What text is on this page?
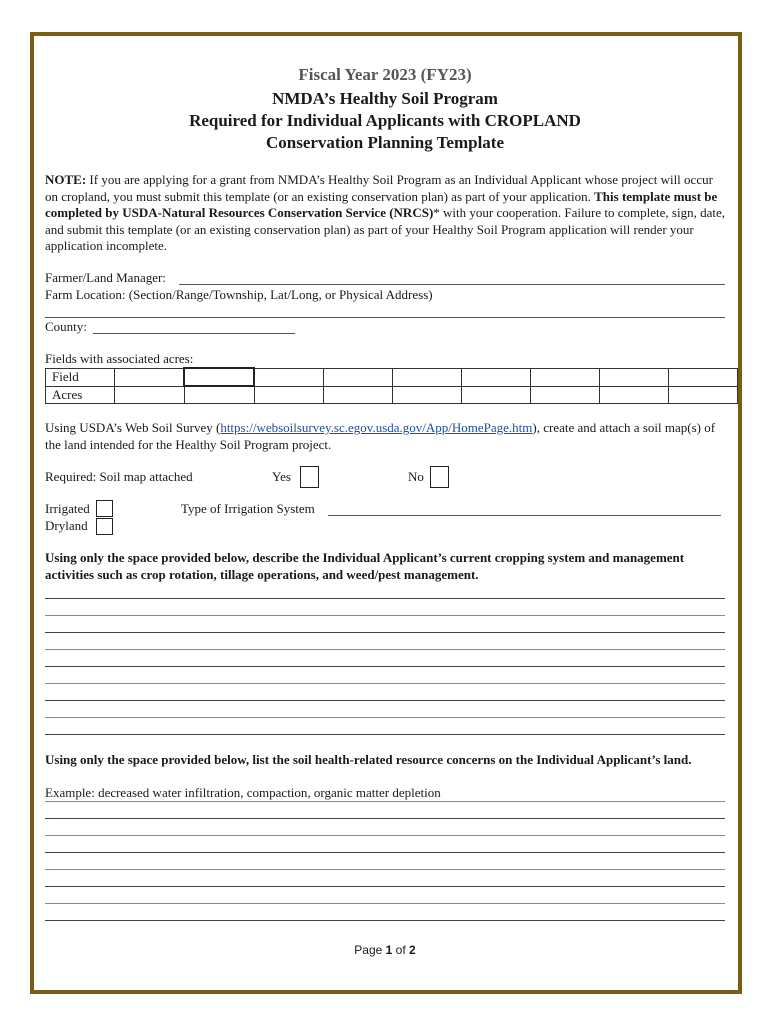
Fiscal Year 2023 (FY23)
NMDA’s Healthy Soil Program
Required for Individual Applicants with CROPLAND
Conservation Planning Template
NOTE: If you are applying for a grant from NMDA’s Healthy Soil Program as an Individual Applicant whose project will occur on cropland, you must submit this template (or an existing conservation plan) as part of your application. This template must be completed by USDA-Natural Resources Conservation Service (NRCS)* with your cooperation. Failure to complete, sign, date, and submit this template (or an existing conservation plan) as part of your Healthy Soil Program application will render your application incomplete.
Farmer/Land Manager:
Farm Location: (Section/Range/Township, Lat/Long, or Physical Address)
County:
Fields with associated acres:
Field									
Acres									
Using USDA’s Web Soil Survey (https://websoilsurvey.sc.egov.usda.gov/App/HomePage.htm), create and attach a soil map(s) of the land intended for the Healthy Soil Program project.
Required: Soil map attached	Yes	No
Irrigated
Dryland
Type of Irrigation System
Using only the space provided below, describe the Individual Applicant’s current cropping system and management activities such as crop rotation, tillage operations, and weed/pest management.
Using only the space provided below, list the soil health-related resource concerns on the Individual Applicant’s land.
Example: decreased water infiltration, compaction, organic matter depletion
Page 1 of 2
